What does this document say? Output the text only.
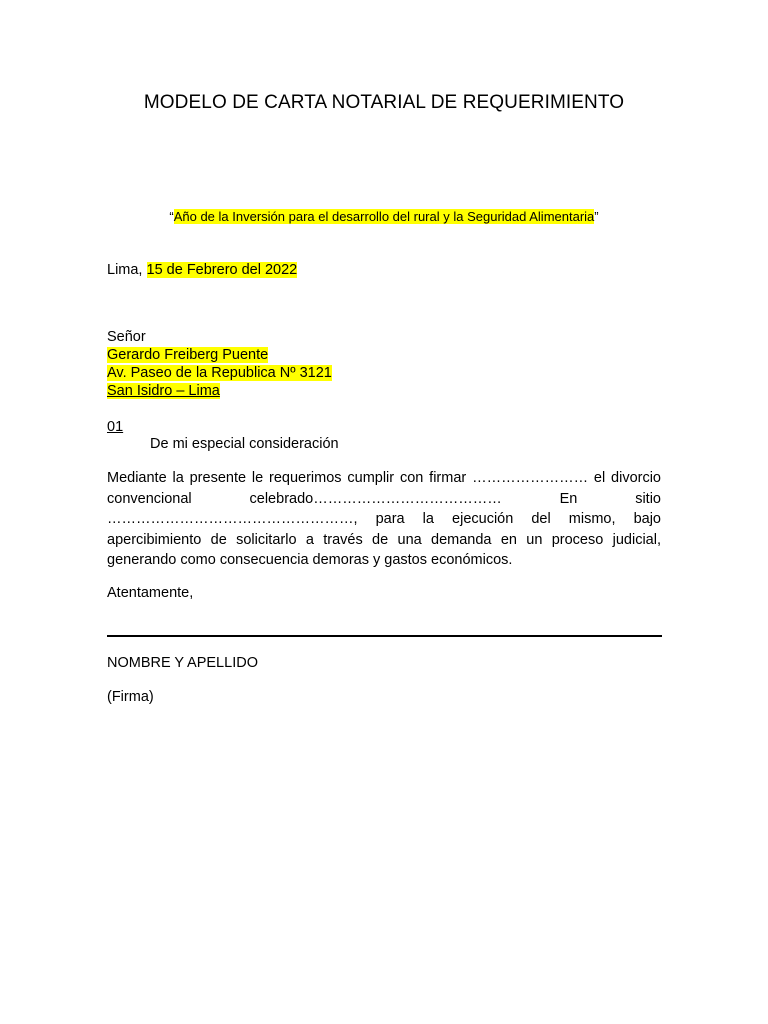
MODELO DE CARTA NOTARIAL DE REQUERIMIENTO
“Año de la Inversión para el desarrollo del rural y la Seguridad Alimentaria”
Lima, 15 de Febrero del 2022
Señor
Gerardo Freiberg Puente
Av. Paseo de la Republica Nº 3121
San Isidro – Lima
01
De mi especial consideración
Mediante la presente le requerimos cumplir con firmar …………………… el divorcio convencional celebrado………………………………… En sitio ……………………………………………, para la ejecución del mismo, bajo apercibimiento de solicitarlo a través de una demanda en un proceso judicial, generando como consecuencia demoras y gastos económicos.
Atentamente,
NOMBRE Y APELLIDO
(Firma)
